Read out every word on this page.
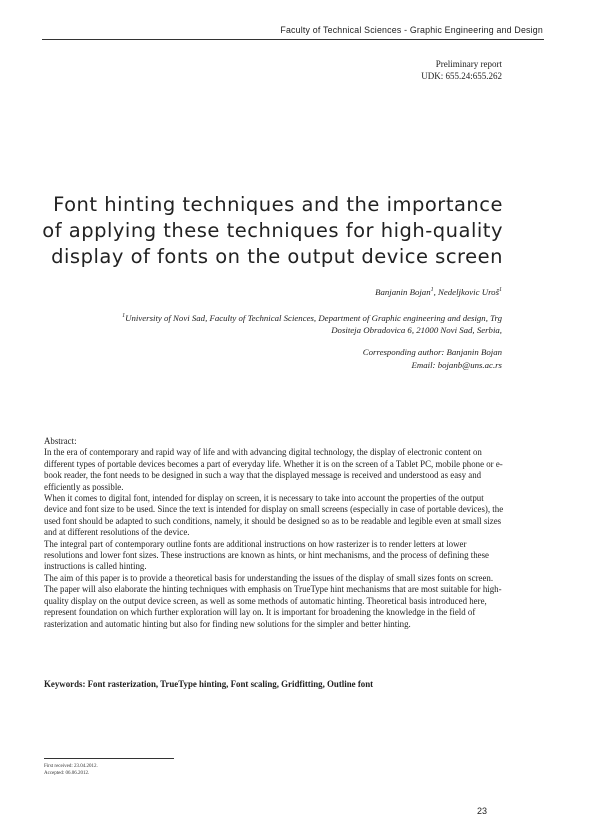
Faculty of Technical Sciences - Graphic Engineering and Design
Preliminary report
UDK: 655.24:655.262
Font hinting techniques and the importance
of applying these techniques for high-quality
display of fonts on the output device screen
Banjanin Bojan$^1$, Nedeljkovic Uroš$^1$
$^1$University of Novi Sad, Faculty of Technical Sciences, Department of Graphic engineering and design, Trg
Dositeja Obradovica 6, 21000 Novi Sad, Serbia,
Corresponding author: Banjanin Bojan
Email: bojanb@uns.ac.rs

Abstract:

In the era of contemporary and rapid way of life and with advancing digital technology, the display of electronic content on different types of portable devices becomes a part of everyday life. Whether it is on the screen of a Tablet PC, mobile phone or e-book reader, the font needs to be designed in such a way that the displayed message is received and understood as easy and efficiently as possible.

When it comes to digital font, intended for display on screen, it is necessary to take into account the properties of the output device and font size to be used. Since the text is intended for display on small screens (especially in case of portable devices), the used font should be adapted to such conditions, namely, it should be designed so as to be readable and legible even at small sizes and at different resolutions of the device.

The integral part of contemporary outline fonts are additional instructions on how rasterizer is to render letters at lower resolutions and lower font sizes. These instructions are known as hints, or hint mechanisms, and the process of defining these instructions is called hinting.

The aim of this paper is to provide a theoretical basis for understanding the issues of the display of small sizes fonts on screen. The paper will also elaborate the hinting techniques with emphasis on TrueType hint mechanisms that are most suitable for high-quality display on the output device screen, as well as some methods of automatic hinting. Theoretical basis introduced here, represent foundation on which further exploration will lay on. It is important for broadening the knowledge in the field of rasterization and automatic hinting but also for finding new solutions for the simpler and better hinting.

Keywords: Font rasterization, TrueType hinting, Font scaling, Gridfitting, Outline font
First received: 23.04.2012.
Accepted: 06.06.2012.
23
